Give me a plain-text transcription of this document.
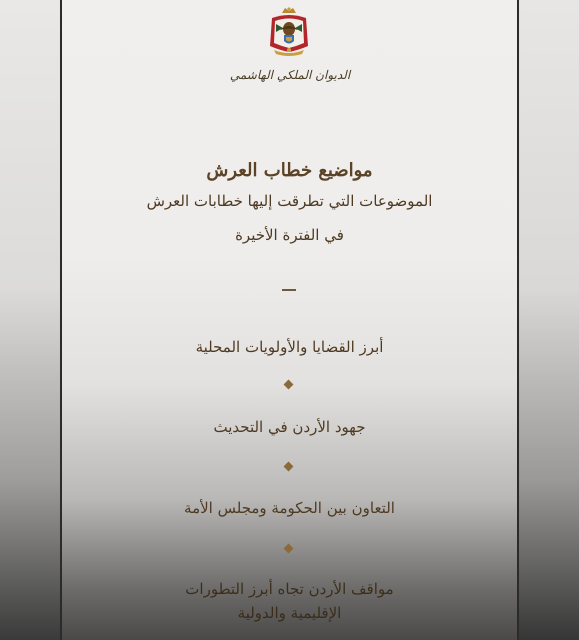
الديوان الملكي الهاشمي
مواضيع خطاب العرش
الموضوعات التي تطرقت إليها خطابات العرش
في الفترة الأخيرة
أبرز القضايا والأولويات المحلية
جهود الأردن في التحديث
التعاون بين الحكومة ومجلس الأمة
مواقف الأردن تجاه أبرز التطورات
الإقليمية والدولية
